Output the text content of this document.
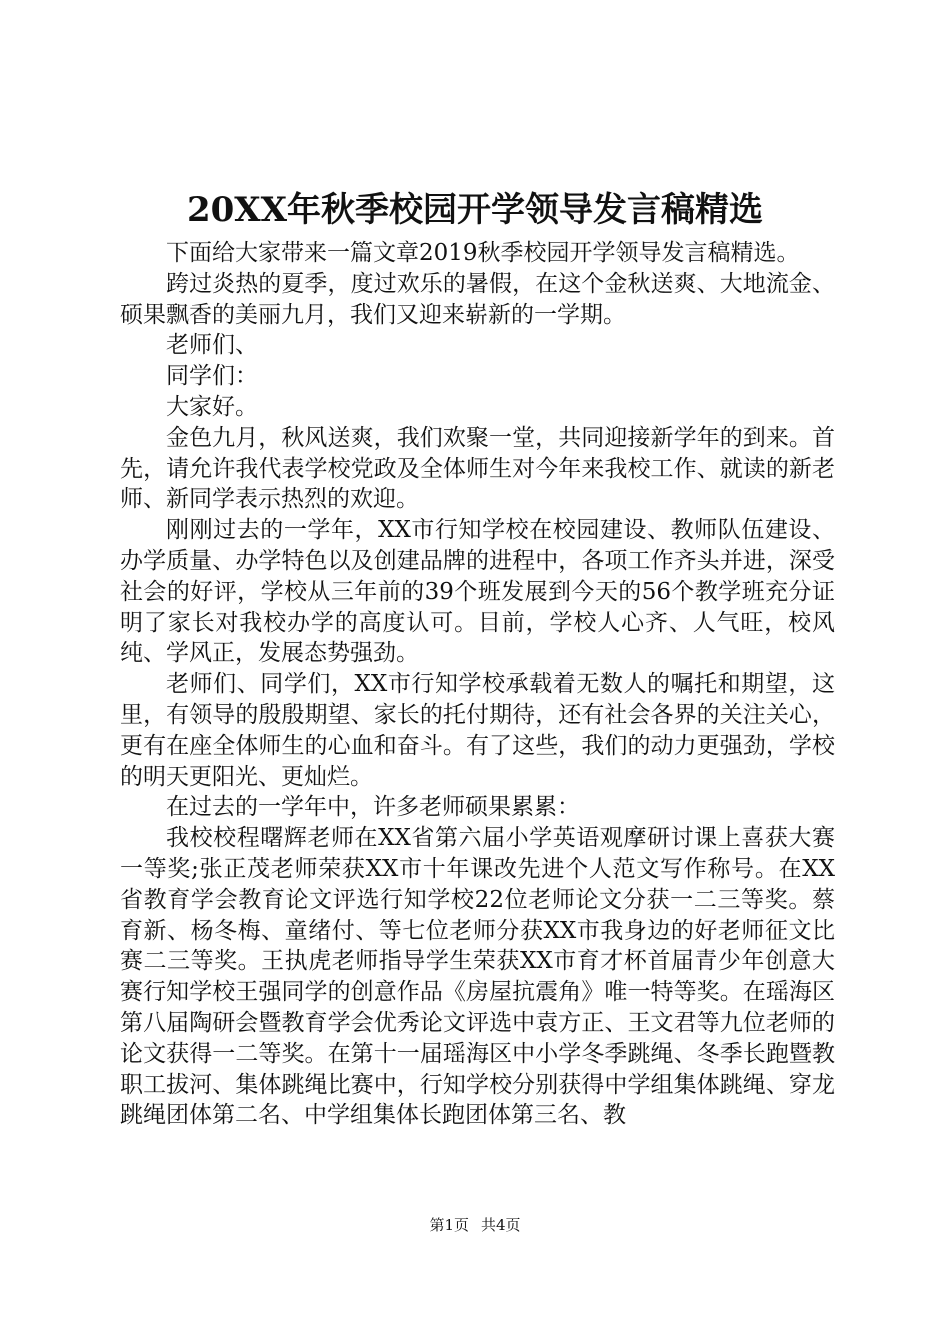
20XX年秋季校园开学领导发言稿精选

下面给大家带来一篇文章2019秋季校园开学领导发言稿精选。

跨过炎热的夏季，度过欢乐的暑假，在这个金秋送爽、大地流金、硕果飘香的美丽九月，我们又迎来崭新的一学期。

老师们、

同学们：

大家好。

金色九月，秋风送爽，我们欢聚一堂，共同迎接新学年的到来。首先，请允许我代表学校党政及全体师生对今年来我校工作、就读的新老师、新同学表示热烈的欢迎。

刚刚过去的一学年，XX市行知学校在校园建设、教师队伍建设、办学质量、办学特色以及创建品牌的进程中，各项工作齐头并进，深受社会的好评，学校从三年前的39个班发展到今天的56个教学班充分证明了家长对我校办学的高度认可。目前，学校人心齐、人气旺，校风纯、学风正，发展态势强劲。

老师们、同学们，XX市行知学校承载着无数人的嘱托和期望，这里，有领导的殷殷期望、家长的托付期待，还有社会各界的关注关心，更有在座全体师生的心血和奋斗。有了这些，我们的动力更强劲，学校的明天更阳光、更灿烂。

在过去的一学年中，许多老师硕果累累：

我校校程曙辉老师在XX省第六届小学英语观摩研讨课上喜获大赛一等奖;张正茂老师荣获XX市十年课改先进个人范文写作称号。在XX省教育学会教育论文评选行知学校22位老师论文分获一二三等奖。蔡育新、杨冬梅、童绪付、等七位老师分获XX市我身边的好老师征文比赛二三等奖。王执虎老师指导学生荣获XX市育才杯首届青少年创意大赛行知学校王强同学的创意作品《房屋抗震角》唯一特等奖。在瑶海区第八届陶研会暨教育学会优秀论文评选中袁方正、王文君等九位老师的论文获得一二等奖。在第十一届瑶海区中小学冬季跳绳、冬季长跑暨教职工拔河、集体跳绳比赛中，行知学校分别获得中学组集体跳绳、穿龙跳绳团体第二名、中学组集体长跑团体第三名、教

第1页 共4页
